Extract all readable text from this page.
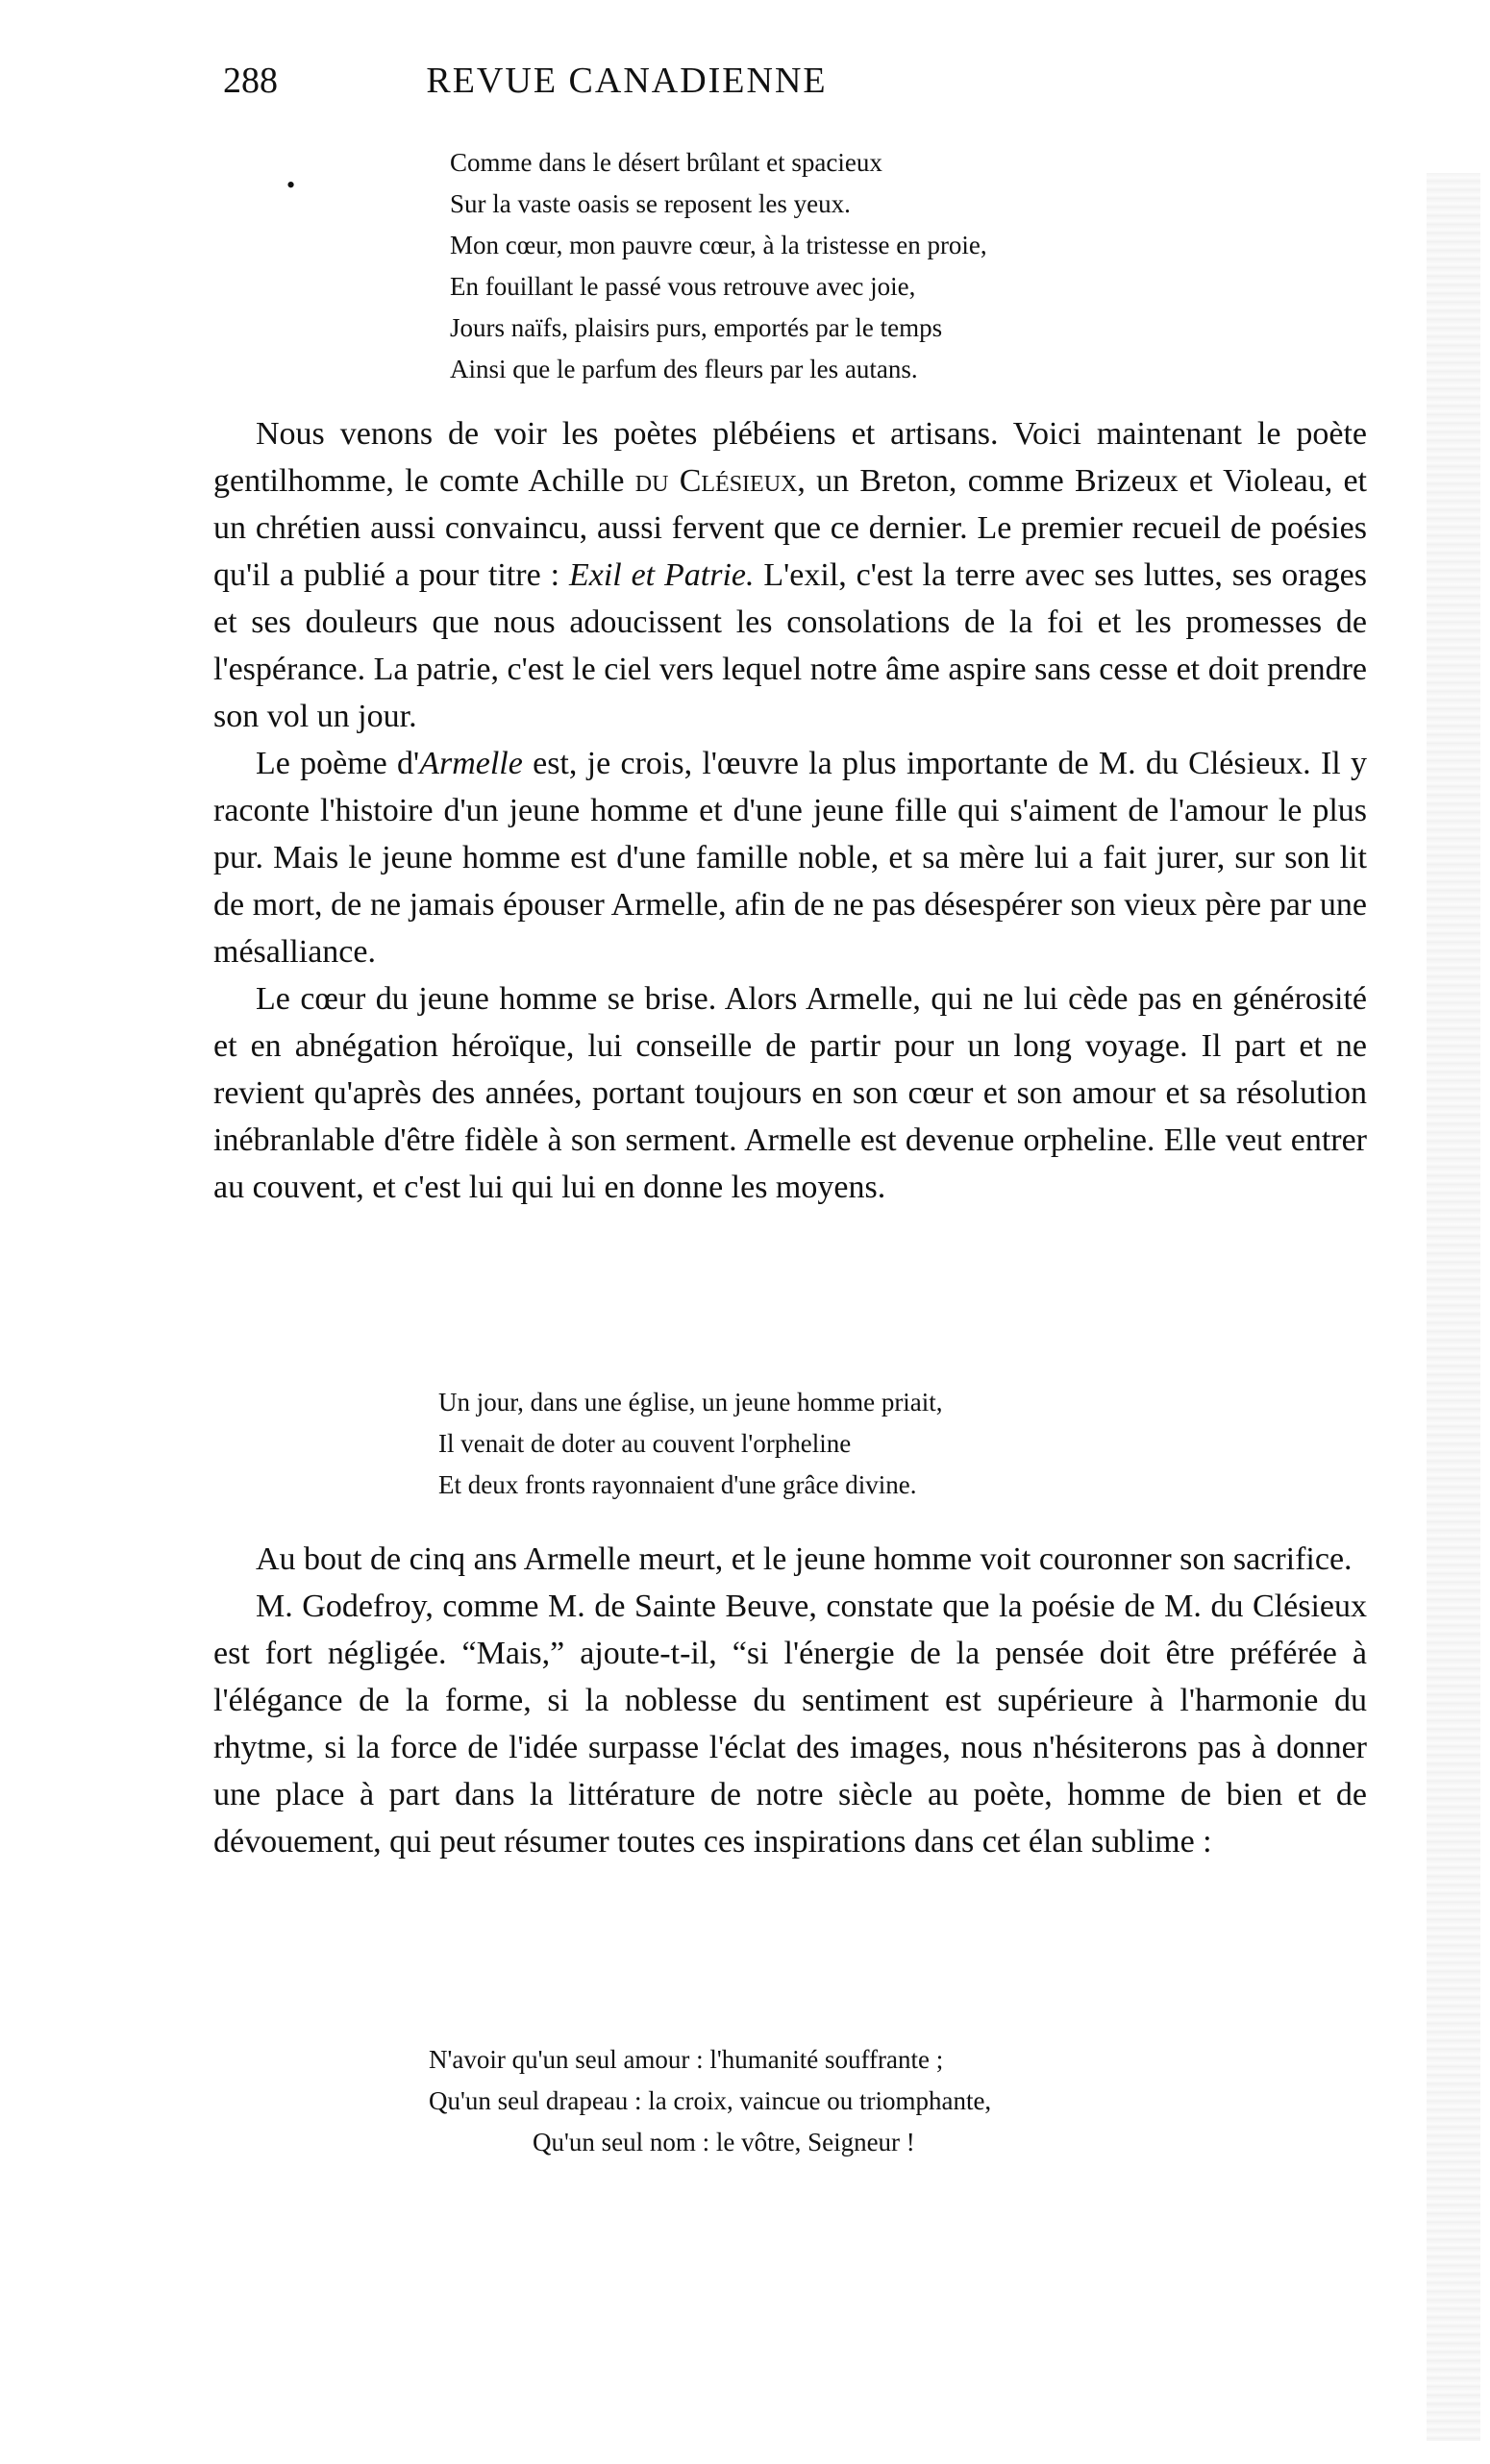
288	REVUE CANADIENNE
•
Comme dans le désert brûlant et spacieux
Sur la vaste oasis se reposent les yeux.
Mon cœur, mon pauvre cœur, à la tristesse en proie,
En fouillant le passé vous retrouve avec joie,
Jours naïfs, plaisirs purs, emportés par le temps
Ainsi que le parfum des fleurs par les autans.

Nous venons de voir les poètes plébéiens et artisans. Voici maintenant le poète gentilhomme, le comte Achille du Clésieux, un Breton, comme Brizeux et Violeau, et un chrétien aussi convaincu, aussi fervent que ce dernier. Le premier recueil de poésies qu'il a publié a pour titre : Exil et Patrie. L'exil, c'est la terre avec ses luttes, ses orages et ses douleurs que nous adoucissent les consolations de la foi et les promesses de l'espérance. La patrie, c'est le ciel vers lequel notre âme aspire sans cesse et doit prendre son vol un jour.

Le poème d'Armelle est, je crois, l'œuvre la plus importante de M. du Clésieux. Il y raconte l'histoire d'un jeune homme et d'une jeune fille qui s'aiment de l'amour le plus pur. Mais le jeune homme est d'une famille noble, et sa mère lui a fait jurer, sur son lit de mort, de ne jamais épouser Armelle, afin de ne pas désespérer son vieux père par une mésalliance.

Le cœur du jeune homme se brise. Alors Armelle, qui ne lui cède pas en générosité et en abnégation héroïque, lui conseille de partir pour un long voyage. Il part et ne revient qu'après des années, portant toujours en son cœur et son amour et sa résolution inébranlable d'être fidèle à son serment. Armelle est devenue orpheline. Elle veut entrer au couvent, et c'est lui qui lui en donne les moyens.

Un jour, dans une église, un jeune homme priait,
Il venait de doter au couvent l'orpheline
Et deux fronts rayonnaient d'une grâce divine.

Au bout de cinq ans Armelle meurt, et le jeune homme voit couronner son sacrifice.

M. Godefroy, comme M. de Sainte Beuve, constate que la poésie de M. du Clésieux est fort négligée. “Mais,” ajoute-t-il, “si l'énergie de la pensée doit être préférée à l'élégance de la forme, si la noblesse du sentiment est supérieure à l'harmonie du rhytme, si la force de l'idée surpasse l'éclat des images, nous n'hésiterons pas à donner une place à part dans la littérature de notre siècle au poète, homme de bien et de dévouement, qui peut résumer toutes ces inspirations dans cet élan sublime :

N'avoir qu'un seul amour : l'humanité souffrante ;
Qu'un seul drapeau : la croix, vaincue ou triomphante,
Qu'un seul nom : le vôtre, Seigneur !
